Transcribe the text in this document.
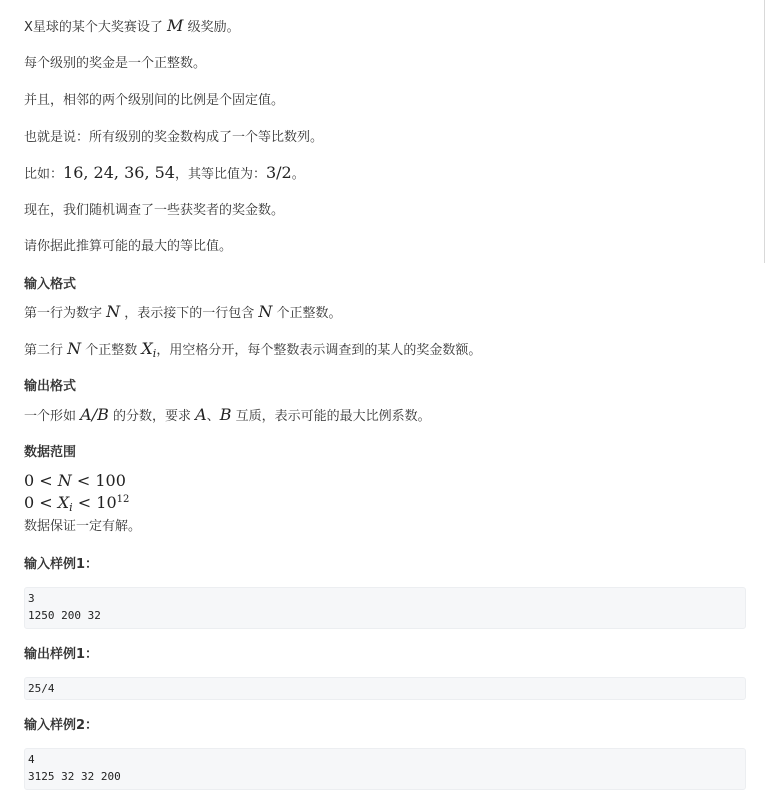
X星球的某个大奖赛设了 M 级奖励。
每个级别的奖金是一个正整数。
并且，相邻的两个级别间的比例是个固定值。
也就是说：所有级别的奖金数构成了一个等比数列。
比如：16, 24, 36, 54，其等比值为：3/2。
现在，我们随机调查了一些获奖者的奖金数。
请你据此推算可能的最大的等比值。
输入格式
第一行为数字 N ，表示接下的一行包含 N 个正整数。
第二行 N 个正整数 $X_i$，用空格分开，每个整数表示调查到的某人的奖金数额。
输出格式
一个形如 A/B 的分数，要求 A、B 互质，表示可能的最大比例系数。
数据范围
0 < N < 100
$0 < X_i < 10^{12}$
数据保证一定有解。
输入样例1：
3
1250 200 32
输出样例1：
25/4
输入样例2：
4
3125 32 32 200
